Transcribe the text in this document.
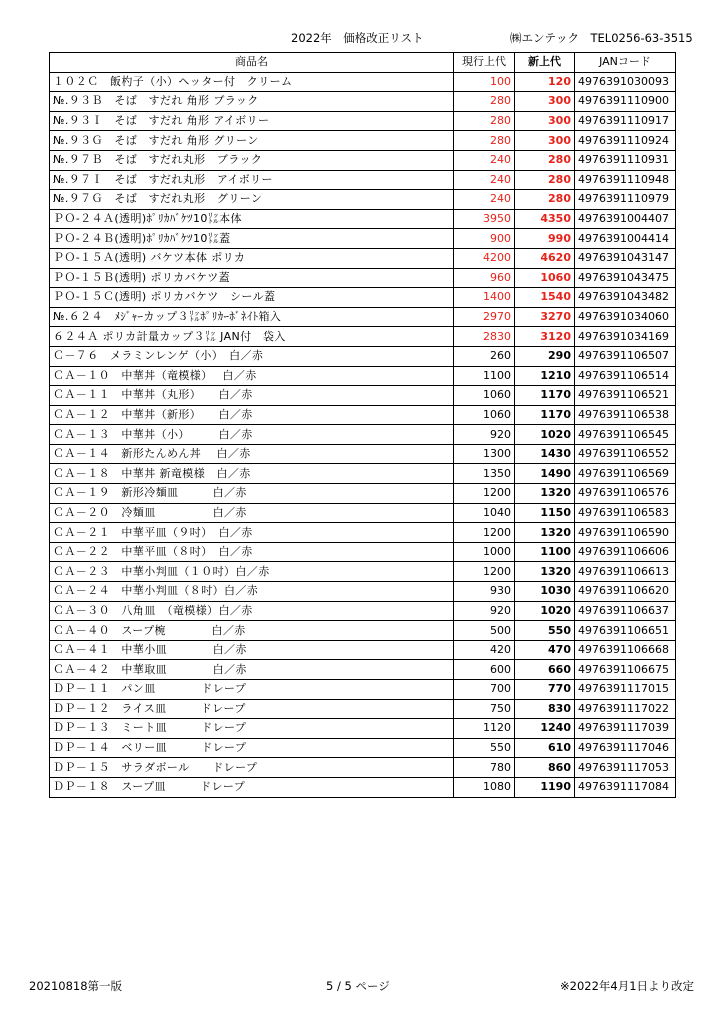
2022年　価格改正リスト	㈱エンテック　TEL0256-63-3515
商品名	現行上代	新上代	JANコード
１０２Ｃ　飯杓子（小）ヘッター付　クリーム	100	120	4976391030093
№.９３Ｂ　そば　すだれ 角形 ブラック	280	300	4976391110900
№.９３Ｉ　そば　すだれ 角形 アイボリー	280	300	4976391110917
№.９３Ｇ　そば　すだれ 角形 グリーン	280	300	4976391110924
№.９７Ｂ　そば　すだれ丸形　ブラック	240	280	4976391110931
№.９７Ｉ　そば　すだれ丸形　アイボリー	240	280	4976391110948
№.９７Ｇ　そば　すだれ丸形　グリーン	240	280	4976391110979
ＰＯ-２４Ａ(透明)ﾎﾟﾘｶﾊﾞｹﾂ10㍑本体	3950	4350	4976391004407
ＰＯ-２４Ｂ(透明)ﾎﾟﾘｶﾊﾞｹﾂ10㍑蓋	900	990	4976391004414
ＰＯ-１５Ａ(透明) バケツ本体 ポリカ	4200	4620	4976391043147
ＰＯ-１５Ｂ(透明) ポリカバケツ蓋	960	1060	4976391043475
ＰＯ-１５Ｃ(透明) ポリカバケツ　シール蓋	1400	1540	4976391043482
№.６２４　ﾒｼﾞｬｰカップ３㍑ﾎﾟﾘｶｰﾎﾞﾈｲﾄ箱入	2970	3270	4976391034060
６２４Ａ ポリカ計量カップ３㍑ JAN付　袋入	2830	3120	4976391034169
Ｃ－７６　メラミンレンゲ（小）　白／赤	260	290	4976391106507
ＣＡ－１０　中華丼（竜模様）　 白／赤	1100	1210	4976391106514
ＣＡ－１１　中華丼（丸形）　　白／赤	1060	1170	4976391106521
ＣＡ－１２　中華丼（新形）　　白／赤	1060	1170	4976391106538
ＣＡ－１３　中華丼（小）　　　白／赤	920	1020	4976391106545
ＣＡ－１４　新形たんめん丼　 白／赤	1300	1430	4976391106552
ＣＡ－１８　中華丼 新竜模様　白／赤	1350	1490	4976391106569
ＣＡ－１９　新形冷麺皿　　　白／赤	1200	1320	4976391106576
ＣＡ－２０　冷麺皿　　　　　白／赤	1040	1150	4976391106583
ＣＡ－２１　中華平皿（９吋）　白／赤	1200	1320	4976391106590
ＣＡ－２２　中華平皿（８吋）　白／赤	1000	1100	4976391106606
ＣＡ－２３　中華小判皿（１０吋）白／赤	1200	1320	4976391106613
ＣＡ－２４　中華小判皿（８吋）白／赤	930	1030	4976391106620
ＣＡ－３０　八角皿　（竜模様）白／赤	920	1020	4976391106637
ＣＡ－４０　スープ椀　　　　白／赤	500	550	4976391106651
ＣＡ－４１　中華小皿　　　　白／赤	420	470	4976391106668
ＣＡ－４２　中華取皿　　　　白／赤	600	660	4976391106675
ＤＰ－１１　パン皿　　　　ドレープ	700	770	4976391117015
ＤＰ－１２　ライス皿　　　ドレープ	750	830	4976391117022
ＤＰ－１３　ミート皿　　　ドレープ	1120	1240	4976391117039
ＤＰ－１４　ベリー皿　　　ドレープ	550	610	4976391117046
ＤＰ－１５　サラダボール　　ドレープ	780	860	4976391117053
ＤＰ－１８　スープ皿　　　ドレープ	1080	1190	4976391117084
20210818第一版	5 / 5 ページ	※2022年4月1日より改定
